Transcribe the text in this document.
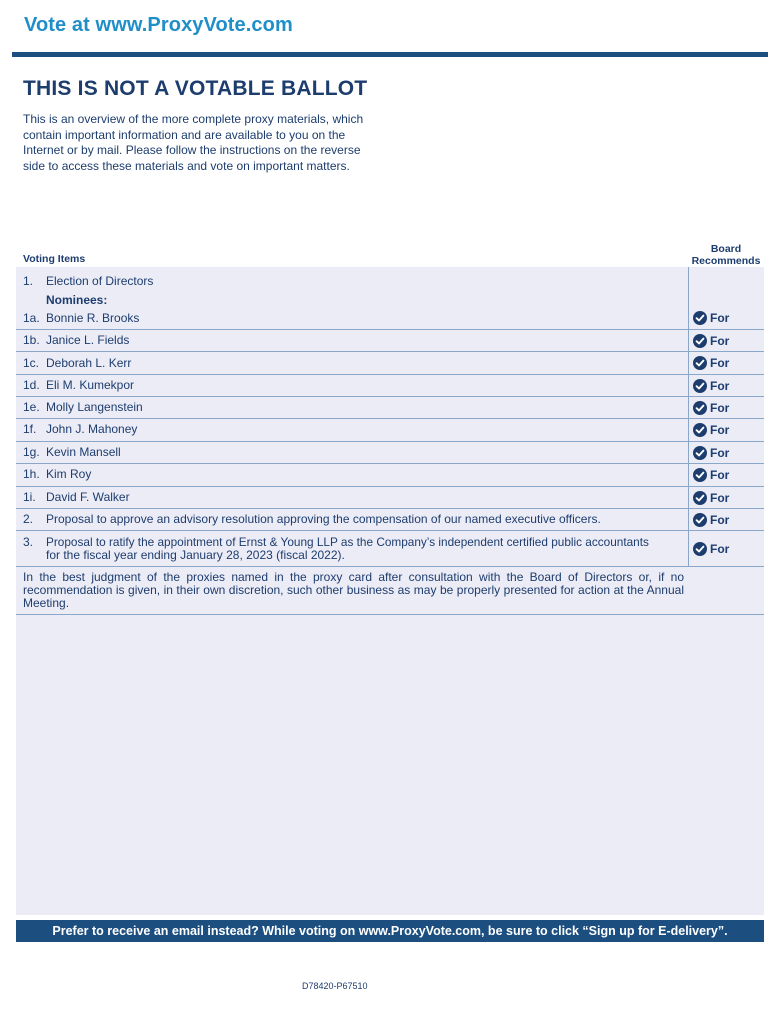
Vote at www.ProxyVote.com
THIS IS NOT A VOTABLE BALLOT
This is an overview of the more complete proxy materials, which
contain important information and are available to you on the
Internet or by mail. Please follow the instructions on the reverse
side to access these materials and vote on important matters.
Voting Items
Board
Recommends
1. Election of Directors
Nominees:
1a. Bonnie R. Brooks	For
1b. Janice L. Fields	For
1c. Deborah L. Kerr	For
1d. Eli M. Kumekpor	For
1e. Molly Langenstein	For
1f. John J. Mahoney	For
1g. Kevin Mansell	For
1h. Kim Roy	For
1i. David F. Walker	For
2. Proposal to approve an advisory resolution approving the compensation of our named executive officers.	For
3. Proposal to ratify the appointment of Ernst & Young LLP as the Company’s independent certified public accountants
for the fiscal year ending January 28, 2023 (fiscal 2022).	For
In the best judgment of the proxies named in the proxy card after consultation with the Board of Directors or, if no recommendation is given, in their own discretion, such other business as may be properly presented for action at the Annual Meeting.
Prefer to receive an email instead? While voting on www.ProxyVote.com, be sure to click “Sign up for E-delivery”.
D78420-P67510
